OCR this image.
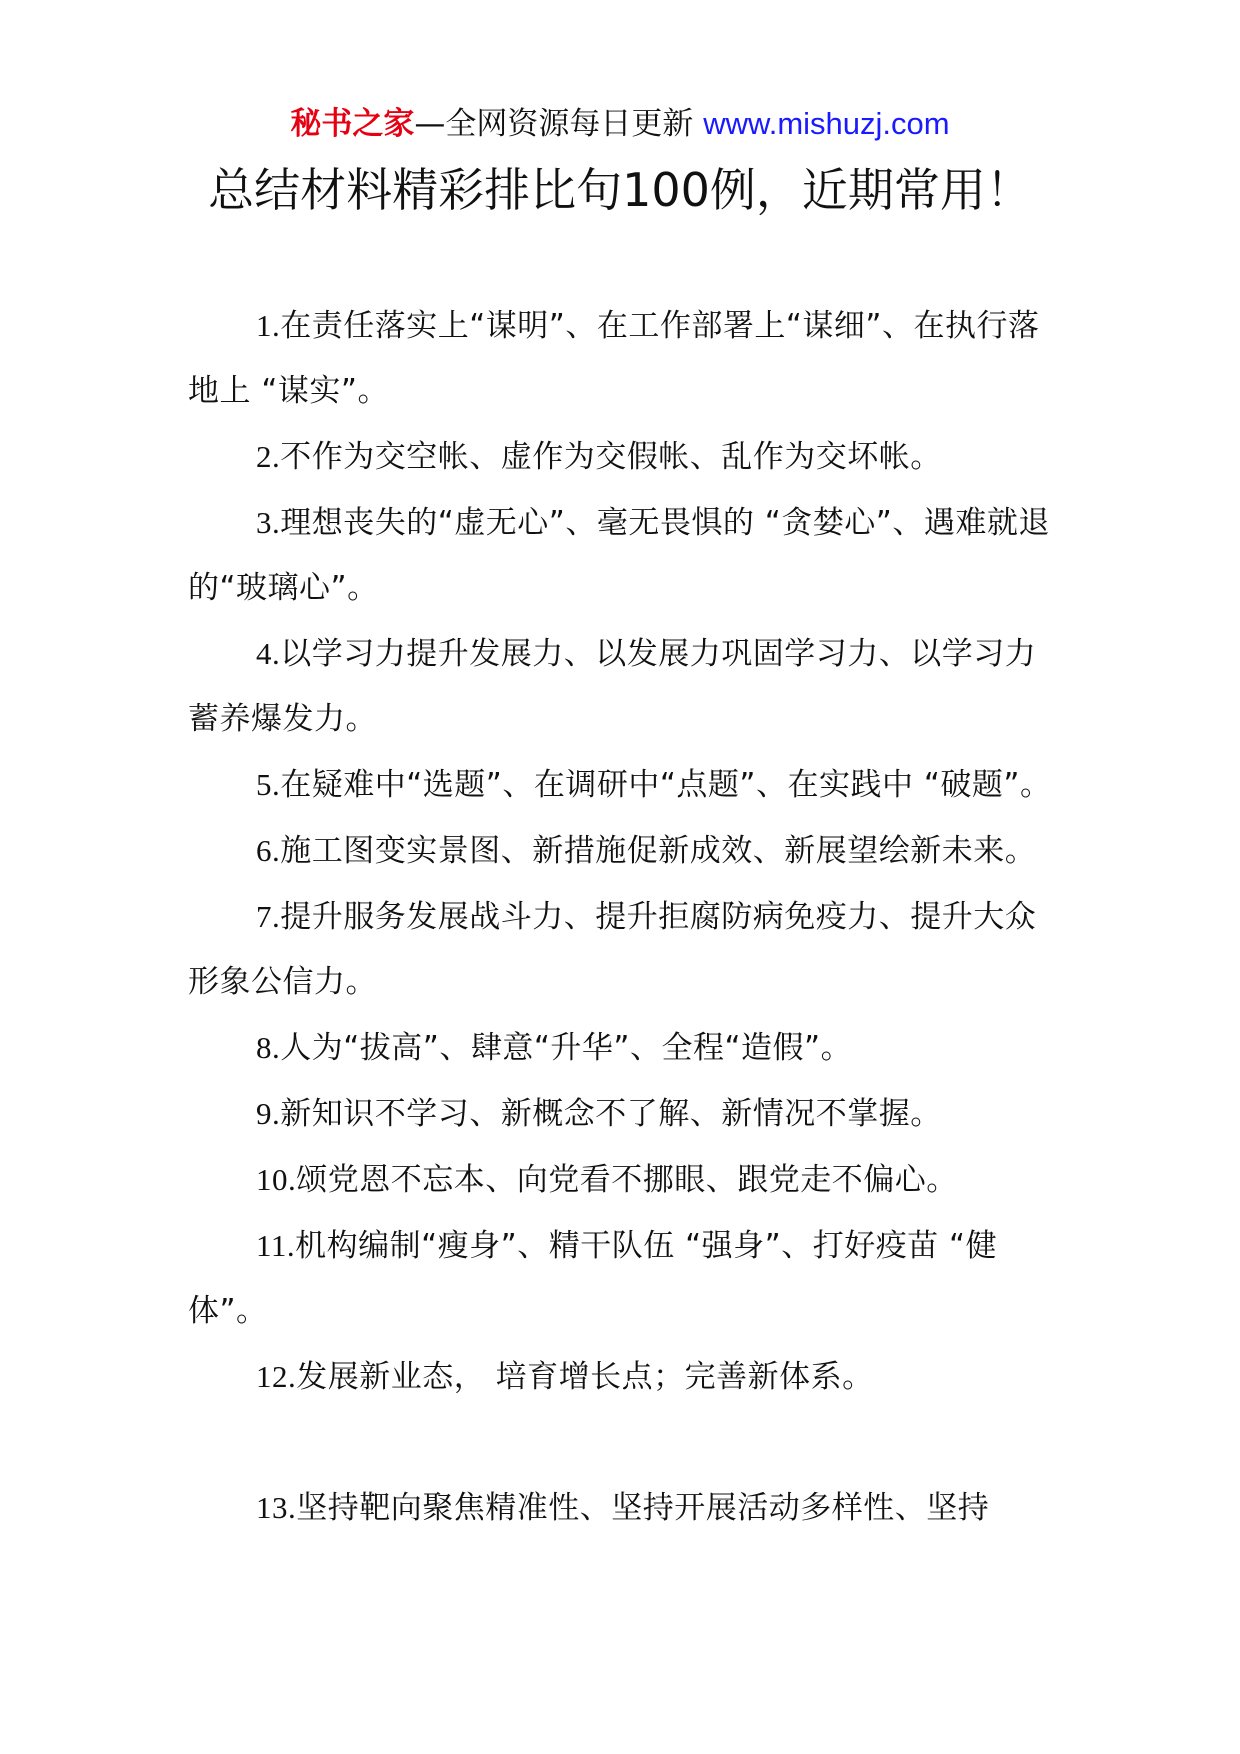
秘书之家—全网资源每日更新 www.mishuzj.com
总结材料精彩排比句100例，近期常用！

1.在责任落实上“谋明”、在工作部署上“谋细”、在执行落地上 “谋实”。

2.不作为交空帐、虚作为交假帐、乱作为交坏帐。

3.理想丧失的“虚无心”、毫无畏惧的 “贪婪心”、遇难就退的“玻璃心”。

4.以学习力提升发展力、以发展力巩固学习力、以学习力蓄养爆发力。

5.在疑难中“选题”、在调研中“点题”、在实践中 “破题”。

6.施工图变实景图、新措施促新成效、新展望绘新未来。

7.提升服务发展战斗力、提升拒腐防病免疫力、提升大众形象公信力。

8.人为“拔高”、肆意“升华”、全程“造假”。

9.新知识不学习、新概念不了解、新情况不掌握。

10.颂党恩不忘本、向党看不挪眼、跟党走不偏心。

11.机构编制“瘦身”、精干队伍 “强身”、打好疫苗 “健体”。

12.发展新业态， 培育增长点；完善新体系。

13.坚持靶向聚焦精准性、坚持开展活动多样性、坚持
